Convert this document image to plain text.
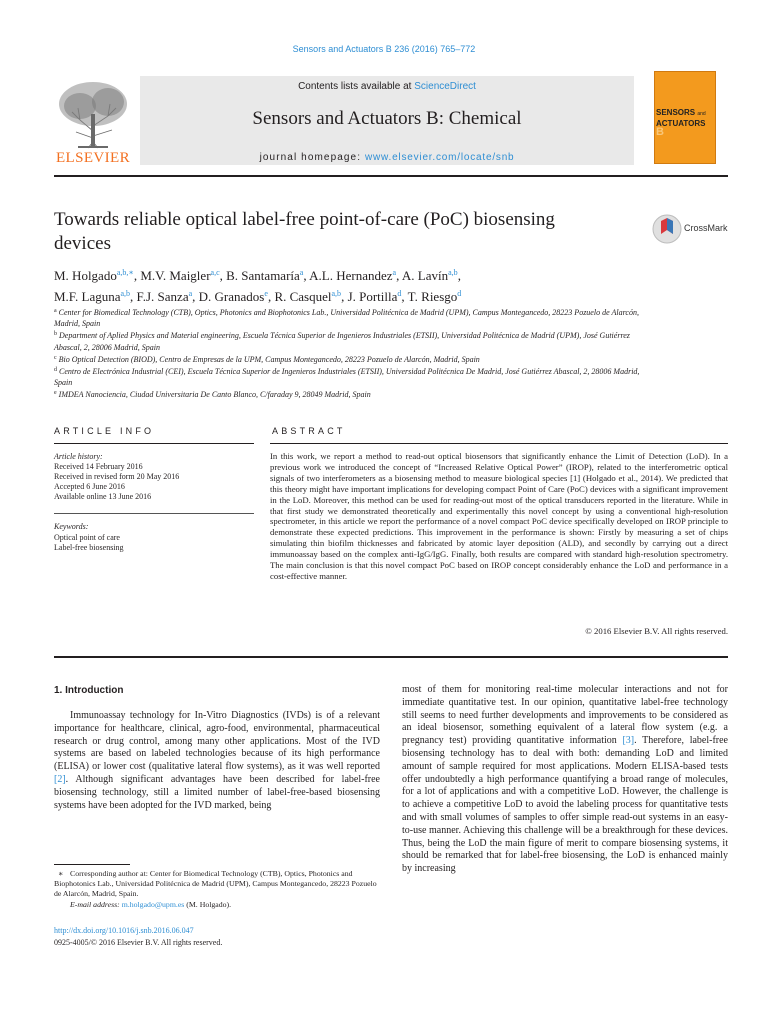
Sensors and Actuators B 236 (2016) 765–772
ELSEVIER
Contents lists available at ScienceDirect
Sensors and Actuators B: Chemical
journal homepage: www.elsevier.com/locate/snb
SENSORS and
ACTUATORS B
Towards reliable optical label-free point-of-care (PoC) biosensing devices
CrossMark
M. Holgado$^{a,b,∗}$, M.V. Maigler$^{a,c}$, B. Santamaría$^a$, A.L. Hernandez$^a$, A. Lavín$^{a,b}$,
M.F. Laguna$^{a,b}$, F.J. Sanza$^a$, D. Granados$^e$, R. Casquel$^{a,b}$, J. Portilla$^d$, T. Riesgo$^d$
$^a$ Center for Biomedical Technology (CTB), Optics, Photonics and Biophotonics Lab., Universidad Politécnica de Madrid (UPM), Campus Montegancedo, 28223 Pozuelo de Alarcón, Madrid, Spain
$^b$ Department of Aplied Physics and Material engineering, Escuela Técnica Superior de Ingenieros Industriales (ETSII), Universidad Politécnica de Madrid (UPM), José Gutiérrez Abascal, 2, 28006 Madrid, Spain
$^c$ Bio Optical Detection (BIOD), Centro de Empresas de la UPM, Campus Montegancedo, 28223 Pozuelo de Alarcón, Madrid, Spain
$^d$ Centro de Electrónica Industrial (CEI), Escuela Técnica Superior de Ingenieros Industriales (ETSII), Universidad Politécnica De Madrid, José Gutiérrez Abascal, 2, 28006 Madrid, Spain
$^e$ IMDEA Nanociencia, Ciudad Universitaria De Canto Blanco, C/faraday 9, 28049 Madrid, Spain
ARTICLE INFO	ABSTRACT
Article history:
Received 14 February 2016
Received in revised form 20 May 2016
Accepted 6 June 2016
Available online 13 June 2016
Keywords:
Optical point of care
Label-free biosensing
In this work, we report a method to read-out optical biosensors that significantly enhance the Limit of Detection (LoD). In a previous work we introduced the concept of “Increased Relative Optical Power” (IROP), related to the interferometric optical signals of two interferometers as a biosensing method to measure biological species [1] (Holgado et al., 2014). We predicted that this theory might have important implications for developing compact Point of Care (PoC) devices with a significant improvement in the LoD. Moreover, this method can be used for reading-out most of the optical transducers reported in the literature. While in that first study we demonstrated theoretically and experimentally this novel concept by using a conventional high-resolution spectrometer, in this article we report the performance of a novel compact PoC device specifically developed on IROP principle to demonstrate these expected predictions. This improvement in the performance is shown: Firstly by measuring a set of chips simulating thin biofilm thicknesses and fabricated by atomic layer deposition (ALD), and secondly by carrying out a direct immunoassay based on the complex anti-IgG/IgG. Finally, both results are compared with standard high-resolution spectrometry. The main conclusion is that this novel compact PoC based on IROP concept considerably enhance the LoD and performance in a cost-effective manner.
© 2016 Elsevier B.V. All rights reserved.
1. Introduction
Immunoassay technology for In-Vitro Diagnostics (IVDs) is of a relevant importance for healthcare, clinical, agro-food, environmental, pharmaceutical research or drug control, among many other applications. Most of the IVD systems are based on labeled technologies because of its high performance (ELISA) or lower cost (qualitative lateral flow systems), as it was well reported [2]. Although significant advantages have been described for label-free biosensing technology, still a limited number of label-free-based biosensing systems have been adopted for the IVD marked, being
most of them for monitoring real-time molecular interactions and not for immediate quantitative test. In our opinion, quantitative label-free technology still seems to need further developments and improvements to be considered as an ideal biosensor, something equivalent of a lateral flow system (e.g. a pregnancy test) providing quantitative information [3]. Therefore, label-free biosensing technology has to deal with both: demanding LoD and limited amount of sample required for most applications. Modern ELISA-based tests offer undoubtedly a high performance quantifying a broad range of molecules, for a lot of applications and with a competitive LoD. However, the challenge is to achieve a competitive LoD to avoid the labeling process for quantitative tests and with small volumes of samples to offer simple read-out systems in an easy-to-use manner. Achieving this challenge will be a breakthrough for these devices. Thus, being the LoD the main figure of merit to compare biosensing systems, it should be remarked that for label-free biosensing, the LoD is enhanced mainly by increasing
∗ Corresponding author at: Center for Biomedical Technology (CTB), Optics, Photonics and Biophotonics Lab., Universidad Politécnica de Madrid (UPM), Campus Montegancedo, 28223 Pozuelo de Alarcón, Madrid, Spain.
E-mail address: m.holgado@upm.es (M. Holgado).
http://dx.doi.org/10.1016/j.snb.2016.06.047
0925-4005/© 2016 Elsevier B.V. All rights reserved.
